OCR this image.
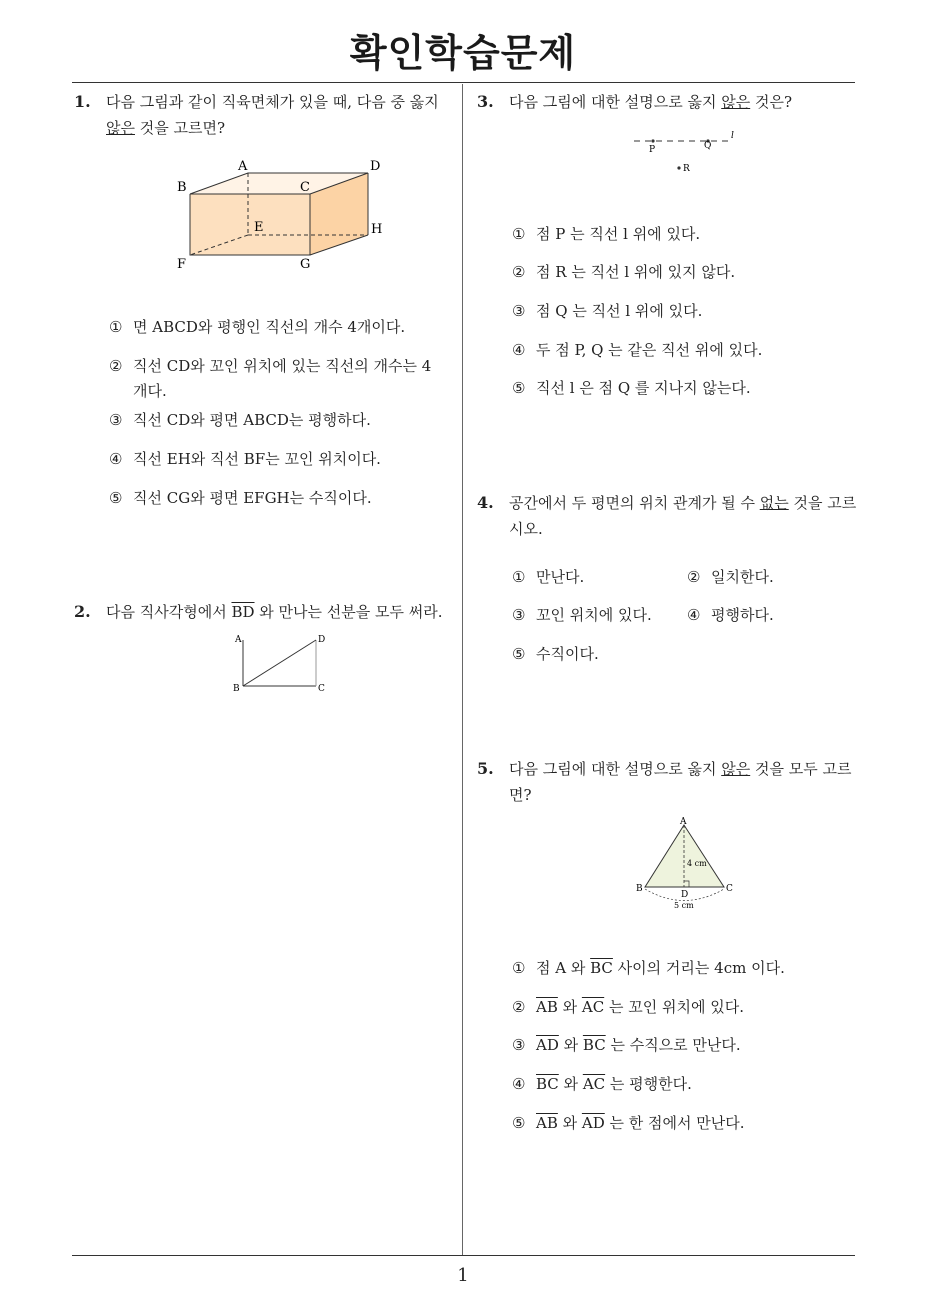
확인학습문제
1
1. 다음 그림과 같이 직육면체가 있을 때, 다음 중 옳지
않은 것을 고르면?
A
B	C
D
E
F	G
H
① 면 ABCD와 평행인 직선의 개수 4개이다.
② 직선 CD와 꼬인 위치에 있는 직선의 개수는 4
개다.
③ 직선 CD와 평면 ABCD는 평행하다.
④ 직선 EH와 직선 BF는 꼬인 위치이다.
⑤ 직선 CG와 평면 EFGH는 수직이다.
2. 다음 직사각형에서 $\overline{BD}$ 와 만나는 선분을 모두 써라.
A	D
B	C
3. 다음 그림에 대한 설명으로 옳지 않은 것은?
P	Q
R
l
① 점 P 는 직선 l 위에 있다.
② 점 R 는 직선 l 위에 있지 않다.
③ 점 Q 는 직선 l 위에 있다.
④ 두 점 P, Q 는 같은 직선 위에 있다.
⑤ 직선 l 은 점 Q 를 지나지 않는다.
4. 공간에서 두 평면의 위치 관계가 될 수 없는 것을 고르
시오.
① 만난다.	② 일치한다.
③ 꼬인 위치에 있다. ④ 평행하다.
⑤ 수직이다.
5. 다음 그림에 대한 설명으로 옳지 않은 것을 모두 고르
면?
A
B	C
D
4 cm
5 cm
① 점 A 와 $\overline{BC}$ 사이의 거리는 4cm 이다.
② $\overline{AB}$ 와 $\overline{AC}$ 는 꼬인 위치에 있다.
③ $\overline{AD}$ 와 $\overline{BC}$ 는 수직으로 만난다.
④ $\overline{BC}$ 와 $\overline{AC}$ 는 평행한다.
⑤ $\overline{AB}$ 와 $\overline{AD}$ 는 한 점에서 만난다.
